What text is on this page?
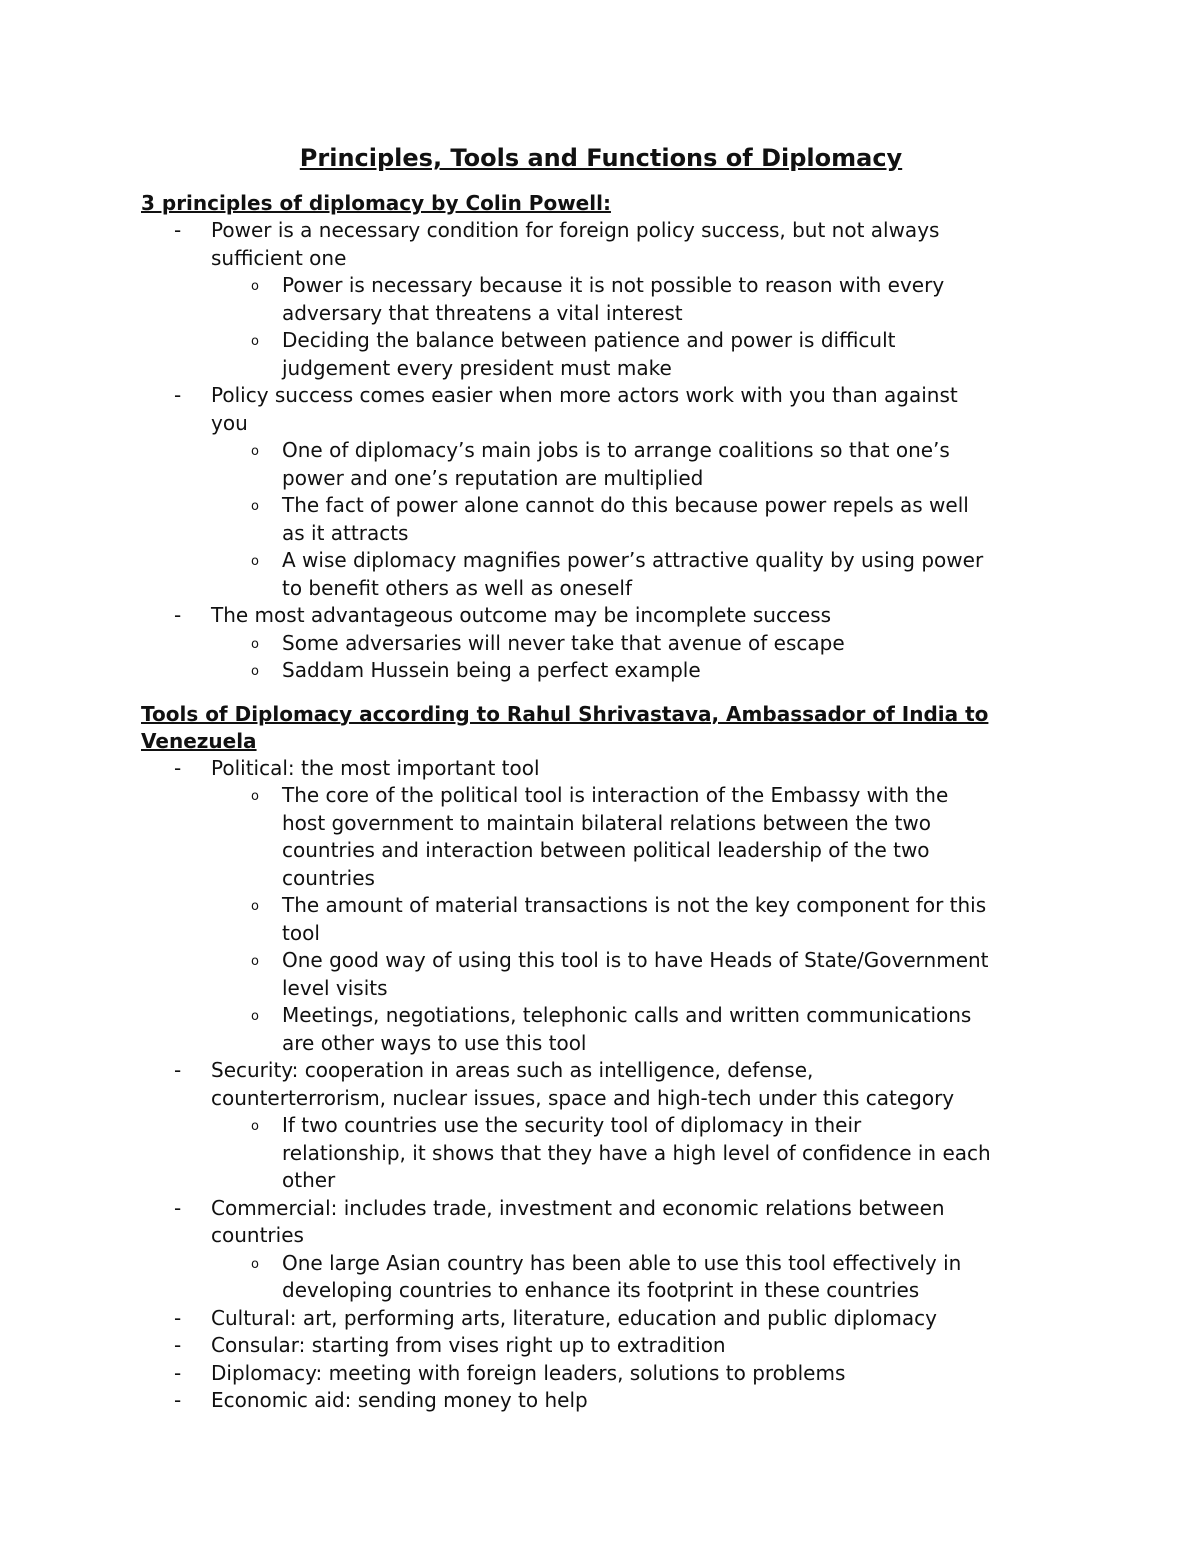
Principles, Tools and Functions of Diplomacy
3 principles of diplomacy by Colin Powell:
- Power is a necessary condition for foreign policy success, but not always sufficient one
o Power is necessary because it is not possible to reason with every adversary that threatens a vital interest
o Deciding the balance between patience and power is difficult judgement every president must make
- Policy success comes easier when more actors work with you than against you
o One of diplomacy’s main jobs is to arrange coalitions so that one’s power and one’s reputation are multiplied
o The fact of power alone cannot do this because power repels as well as it attracts
o A wise diplomacy magnifies power’s attractive quality by using power to benefit others as well as oneself
- The most advantageous outcome may be incomplete success
o Some adversaries will never take that avenue of escape
o Saddam Hussein being a perfect example
Tools of Diplomacy according to Rahul Shrivastava, Ambassador of India to Venezuela
- Political: the most important tool
o The core of the political tool is interaction of the Embassy with the host government to maintain bilateral relations between the two countries and interaction between political leadership of the two countries
o The amount of material transactions is not the key component for this tool
o One good way of using this tool is to have Heads of State/Government level visits
o Meetings, negotiations, telephonic calls and written communications are other ways to use this tool
- Security: cooperation in areas such as intelligence, defense, counterterrorism, nuclear issues, space and high-tech under this category
o If two countries use the security tool of diplomacy in their relationship, it shows that they have a high level of confidence in each other
- Commercial: includes trade, investment and economic relations between countries
o One large Asian country has been able to use this tool effectively in developing countries to enhance its footprint in these countries
- Cultural: art, performing arts, literature, education and public diplomacy
- Consular: starting from vises right up to extradition
- Diplomacy: meeting with foreign leaders, solutions to problems
- Economic aid: sending money to help
